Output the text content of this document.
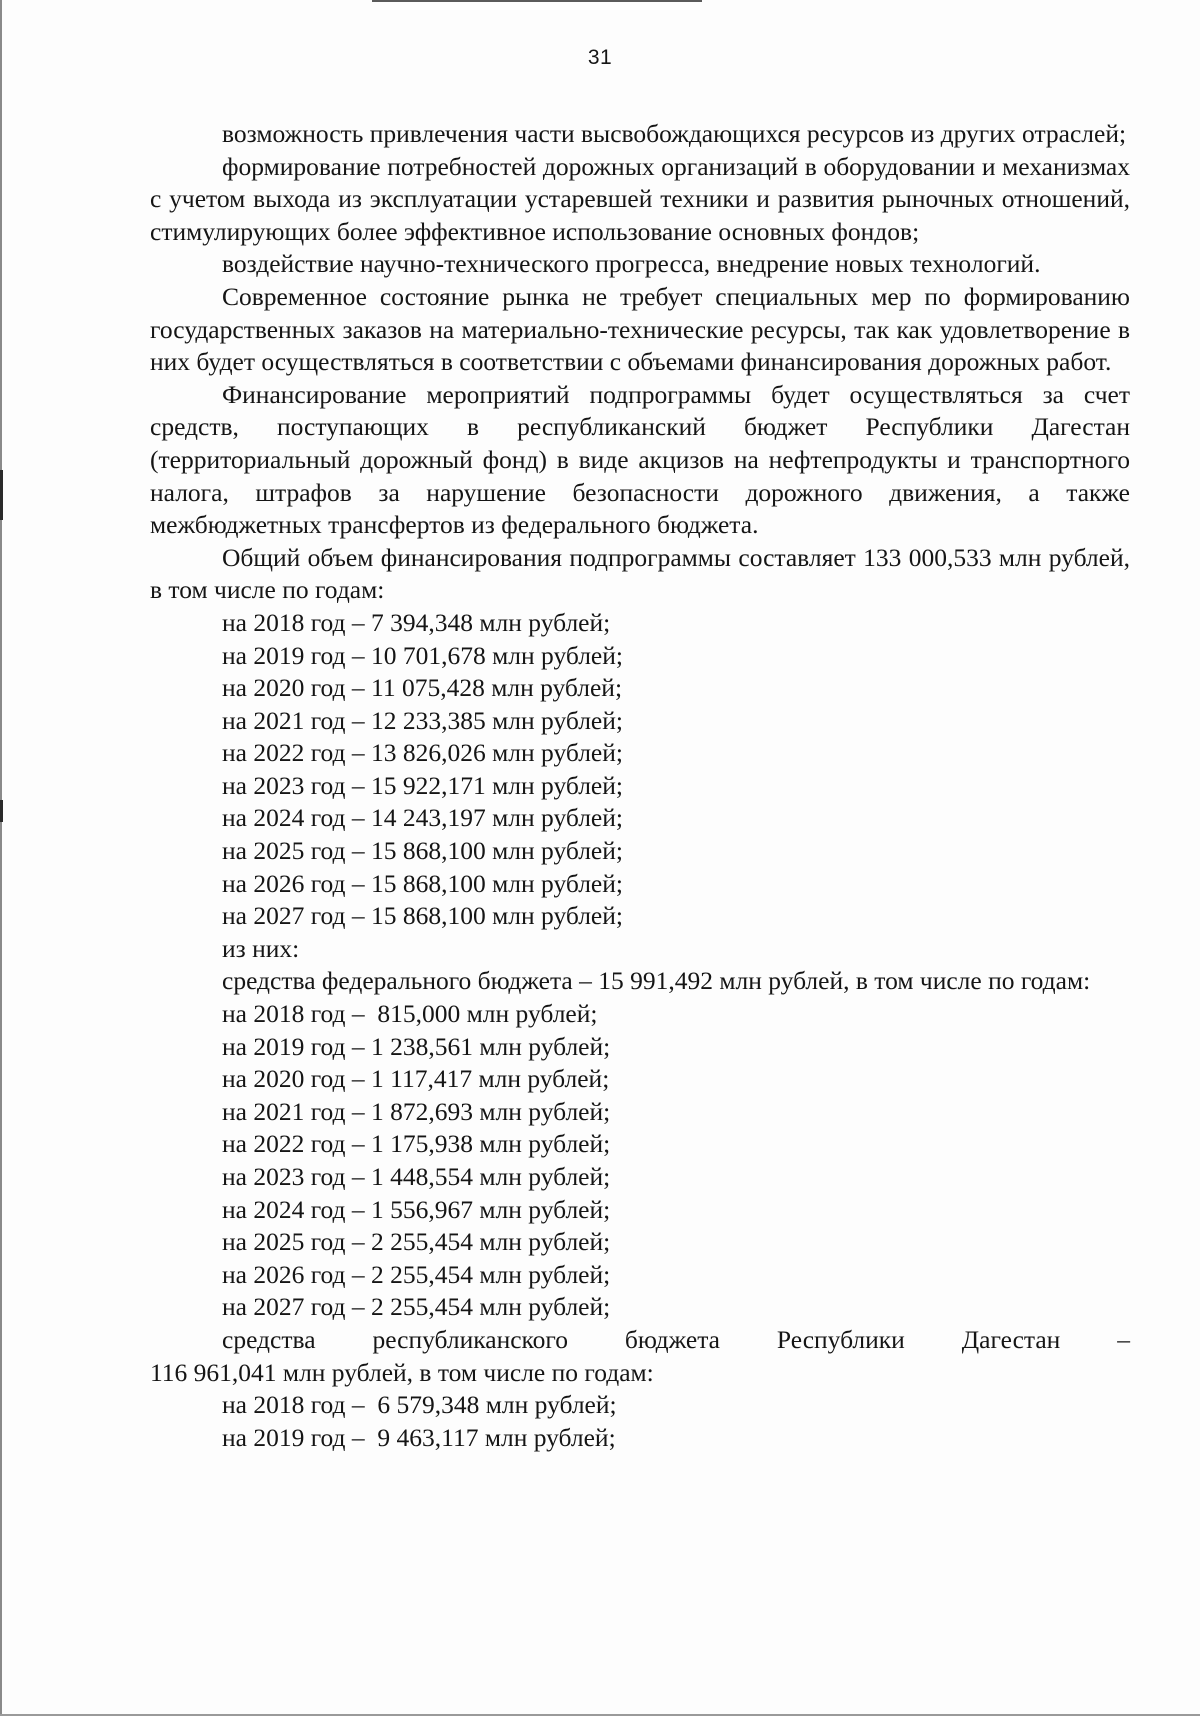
31

возможность привлечения части высвобождающихся ресурсов из других отраслей;

формирование потребностей дорожных организаций в оборудовании и механизмах с учетом выхода из эксплуатации устаревшей техники и развития рыночных отношений, стимулирующих более эффективное использование основных фондов;

воздействие научно-технического прогресса, внедрение новых технологий.

Современное состояние рынка не требует специальных мер по формированию государственных заказов на материально-технические ресурсы, так как удовлетворение в них будет осуществляться в соответствии с объемами финансирования дорожных работ.

Финансирование мероприятий подпрограммы будет осуществляться за счет средств, поступающих в республиканский бюджет Республики Дагестан (территориальный дорожный фонд) в виде акцизов на нефтепродукты и транспортного налога, штрафов за нарушение безопасности дорожного движения, а также межбюджетных трансфертов из федерального бюджета.

Общий объем финансирования подпрограммы составляет 133 000,533 млн рублей, в том числе по годам:

на 2018 год – 7 394,348 млн рублей;

на 2019 год – 10 701,678 млн рублей;

на 2020 год – 11 075,428 млн рублей;

на 2021 год – 12 233,385 млн рублей;

на 2022 год – 13 826,026 млн рублей;

на 2023 год – 15 922,171 млн рублей;

на 2024 год – 14 243,197 млн рублей;

на 2025 год – 15 868,100 млн рублей;

на 2026 год – 15 868,100 млн рублей;

на 2027 год – 15 868,100 млн рублей;

из них:

средства федерального бюджета – 15 991,492 млн рублей, в том числе по годам:

на 2018 год –  815,000 млн рублей;

на 2019 год – 1 238,561 млн рублей;

на 2020 год – 1 117,417 млн рублей;

на 2021 год – 1 872,693 млн рублей;

на 2022 год – 1 175,938 млн рублей;

на 2023 год – 1 448,554 млн рублей;

на 2024 год – 1 556,967 млн рублей;

на 2025 год – 2 255,454 млн рублей;

на 2026 год – 2 255,454 млн рублей;

на 2027 год – 2 255,454 млн рублей;

средства республиканского бюджета Республики Дагестан –

116 961,041 млн рублей, в том числе по годам:

на 2018 год –  6 579,348 млн рублей;

на 2019 год –  9 463,117 млн рублей;
